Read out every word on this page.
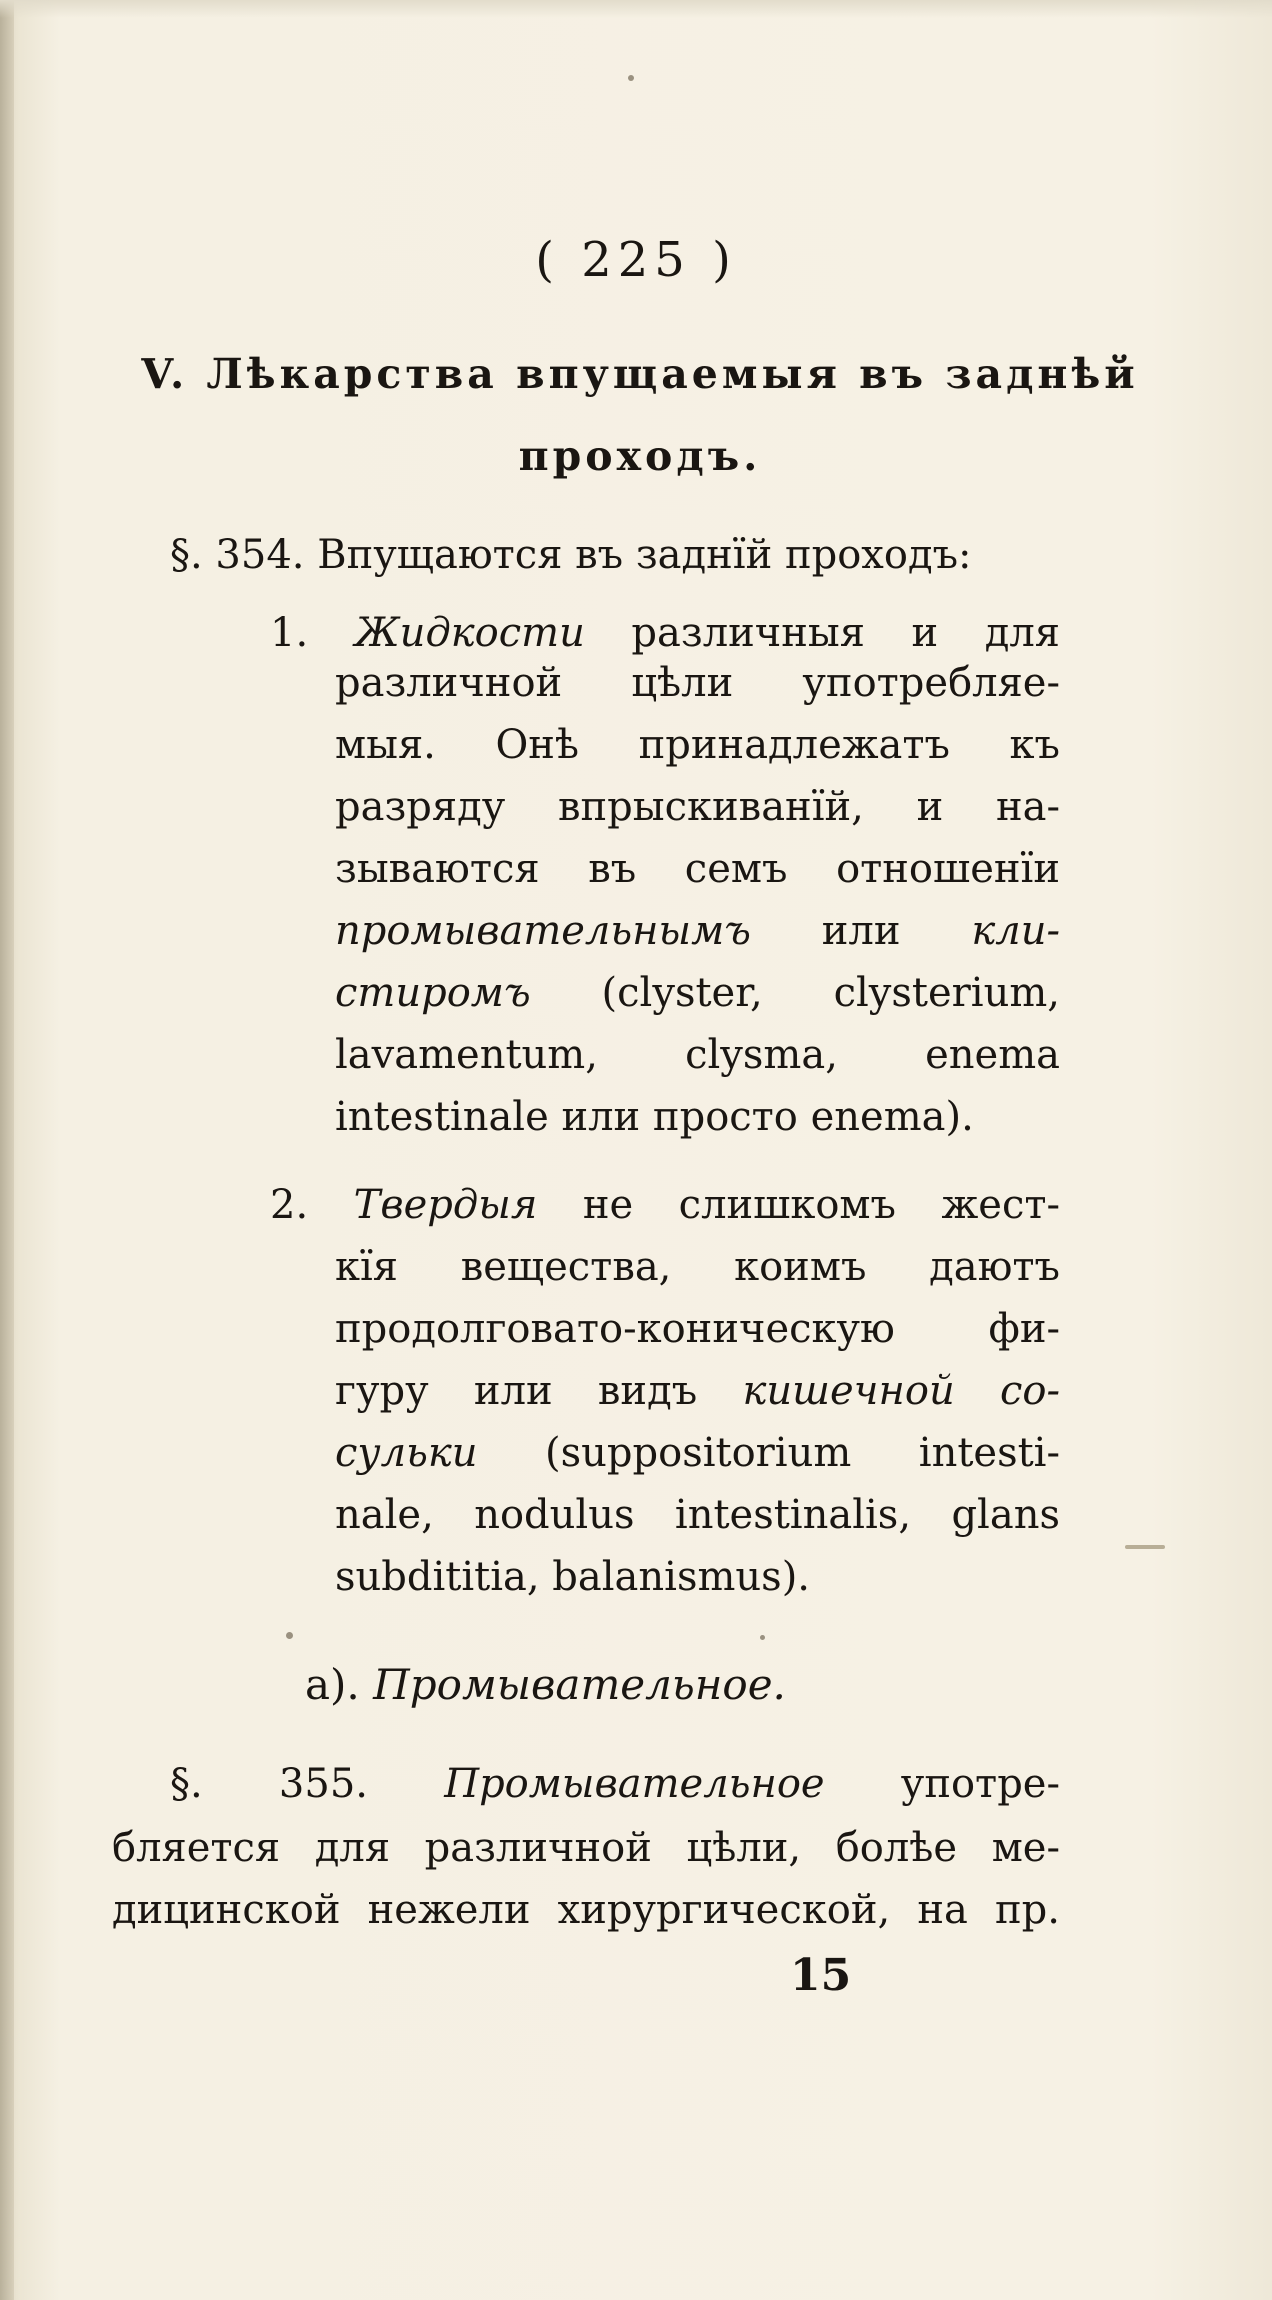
( 225 )
V. Лѣкарства впущаемыя въ заднѣй
проходъ.
§. 354. Впущаются въ заднїй проходъ:
1. Жидкости различныя и для
различной цѣли употребляе-
мыя. Онѣ принадлежатъ къ
разряду впрыскиванїй, и на-
зываются въ семъ отношенїи
промывательнымъ или кли-
стиромъ (clyster, clysterium,
lavamentum, clysma, enema
intestinale или просто enema).
2. Твердыя не слишкомъ жест-
кїя вещества, коимъ даютъ
продолговато-коническую фи-
гуру или видъ кишечной со-
сульки (suppositorium intesti-
nale, nodulus intestinalis, glans
subdititia, balanismus).
a). Промывательное.
§. 355. Промывательное употре-
бляется для различной цѣли, болѣе ме-
дицинской нежели хирургической, на пр.
15
